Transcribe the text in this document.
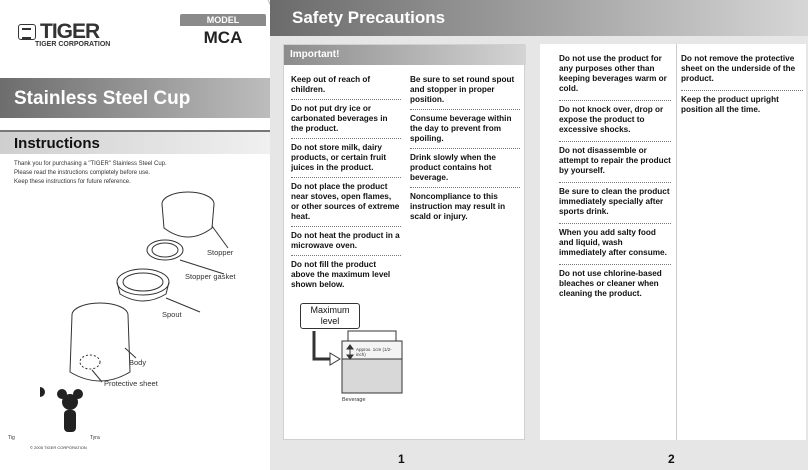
TIGER
TIGER CORPORATION
MODEL
MCA
Stainless Steel Cup
Instructions
Thank you for purchasing a "TIGER" Stainless Steel Cup.
Please read the instructions completely before use.
Keep these instructions for future reference.
Stopper
Stopper gasket
Spout
Body
Protective sheet
Tig	Tyra
© 2005 TIGER CORPORATION
Safety Precautions
Important!
Keep out of reach of children.
Do not put dry ice or carbonated beverages in the product.
Do not store milk, dairy products, or certain fruit juices in the product.
Do not place the product near stoves, open flames, or other sources of extreme heat.
Do not heat the product in a microwave oven.
Do not fill the product above the maximum level shown below.
Be sure to set round spout and stopper in proper position.
Consume beverage within the day to prevent from spoiling.
Drink slowly when the product contains hot beverage.
Noncompliance to this instruction may result in scald or injury.
Maximum level
Approx. 1cm (1/2-inch)
Beverage
1
Do not use the product for any purposes other than keeping beverages warm or cold.
Do not knock over, drop or expose the product to excessive shocks.
Do not disassemble or attempt to repair the product by yourself.
Be sure to clean the product immediately specially after sports drink.
When you add salty food and liquid, wash immediately after consume.
Do not use chlorine-based bleaches or cleaner when cleaning the product.
Do not remove the protective sheet on the underside of the product.
Keep the product upright position all the time.
2
